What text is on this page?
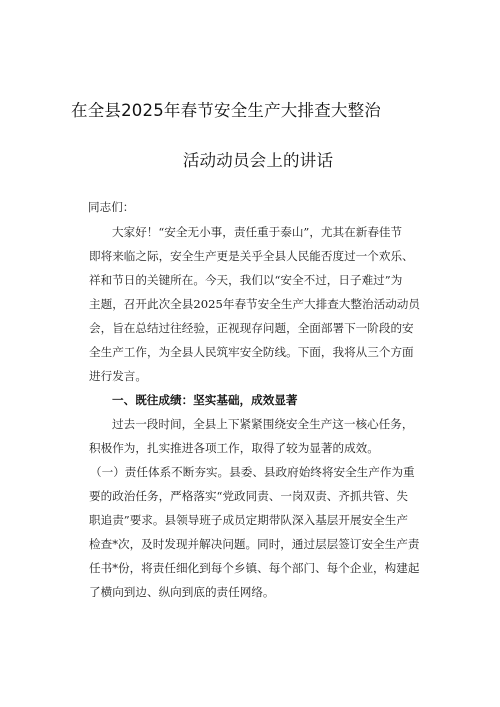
在全县2025年春节安全生产大排查大整治
活动动员会上的讲话
同志们：
大家好！“安全无小事，责任重于泰山”，尤其在新春佳节
即将来临之际，安全生产更是关乎全县人民能否度过一个欢乐、
祥和节日的关键所在。今天，我们以“安全不过，日子难过”为
主题，召开此次全县2025年春节安全生产大排查大整治活动动员
会，旨在总结过往经验，正视现存问题，全面部署下一阶段的安
全生产工作，为全县人民筑牢安全防线。下面，我将从三个方面
进行发言。
一、既往成绩：坚实基础，成效显著
过去一段时间，全县上下紧紧围绕安全生产这一核心任务，
积极作为，扎实推进各项工作，取得了较为显著的成效。
（一）责任体系不断夯实。县委、县政府始终将安全生产作为重
要的政治任务，严格落实“党政同责、一岗双责、齐抓共管、失
职追责”要求。县领导班子成员定期带队深入基层开展安全生产
检查*次，及时发现并解决问题。同时，通过层层签订安全生产责
任书*份，将责任细化到每个乡镇、每个部门、每个企业，构建起
了横向到边、纵向到底的责任网络。
